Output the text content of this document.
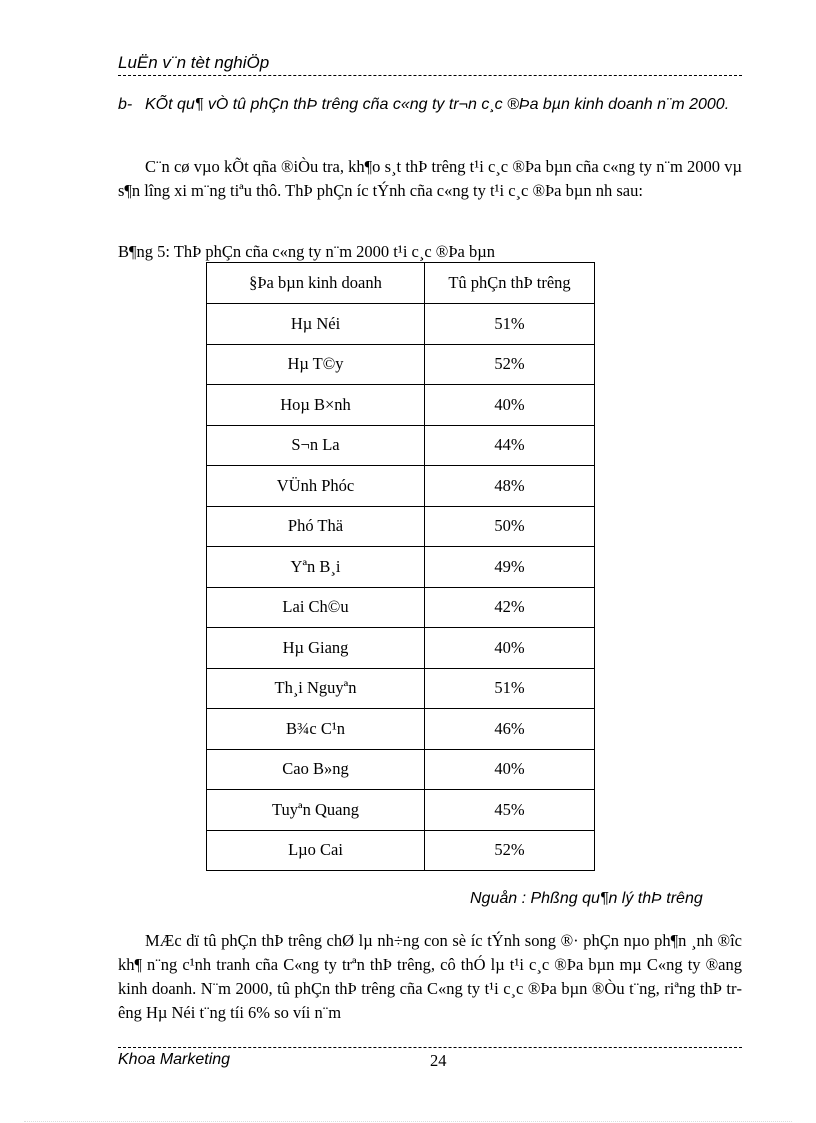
LuËn v¨n tèt nghiÖp
b- KÕt qu¶ vÒ tû phÇn thÞ trêng cña c«ng ty tr¬n c¸c ®Þa bµn kinh doanh n¨m 2000.
C¨n cø vµo kÕt qña ®iÒu tra, kh¶o s¸t thÞ trêng t¹i c¸c ®Þa bµn cña c«ng ty n¨m 2000 vµ s¶n lîng xi m¨ng tiªu thô. ThÞ phÇn íc tÝnh cña c«ng ty t¹i c¸c ®Þa bµn nh sau:
B¶ng 5: ThÞ phÇn cña c«ng ty n¨m 2000 t¹i c¸c ®Þa bµn
§Þa bµn kinh doanh	Tû phÇn thÞ trêng
Hµ Néi	51%
Hµ T©y	52%
Hoµ B×nh	40%
S¬n La	44%
VÜnh Phóc	48%
Phó Thä	50%
Yªn B¸i	49%
Lai Ch©u	42%
Hµ Giang	40%
Th¸i Nguyªn	51%
B¾c C¹n	46%
Cao B»ng	40%
Tuyªn Quang	45%
Lµo Cai	52%
Nguån : Phßng qu¶n lý thÞ trêng
MÆc dï tû phÇn thÞ trêng chØ lµ nh÷ng con sè íc tÝnh song ®· phÇn nµo ph¶n ¸nh ®îc kh¶ n¨ng c¹nh tranh cña C«ng ty trªn thÞ trêng, cô thÓ lµ t¹i c¸c ®Þa bµn mµ C«ng ty ®ang kinh doanh. N¨m 2000, tû phÇn thÞ trêng cña C«ng ty t¹i c¸c ®Þa bµn ®Òu t¨ng, riªng thÞ trêng Hµ Néi t¨ng tíi 6% so víi n¨m
Khoa Marketing	24
